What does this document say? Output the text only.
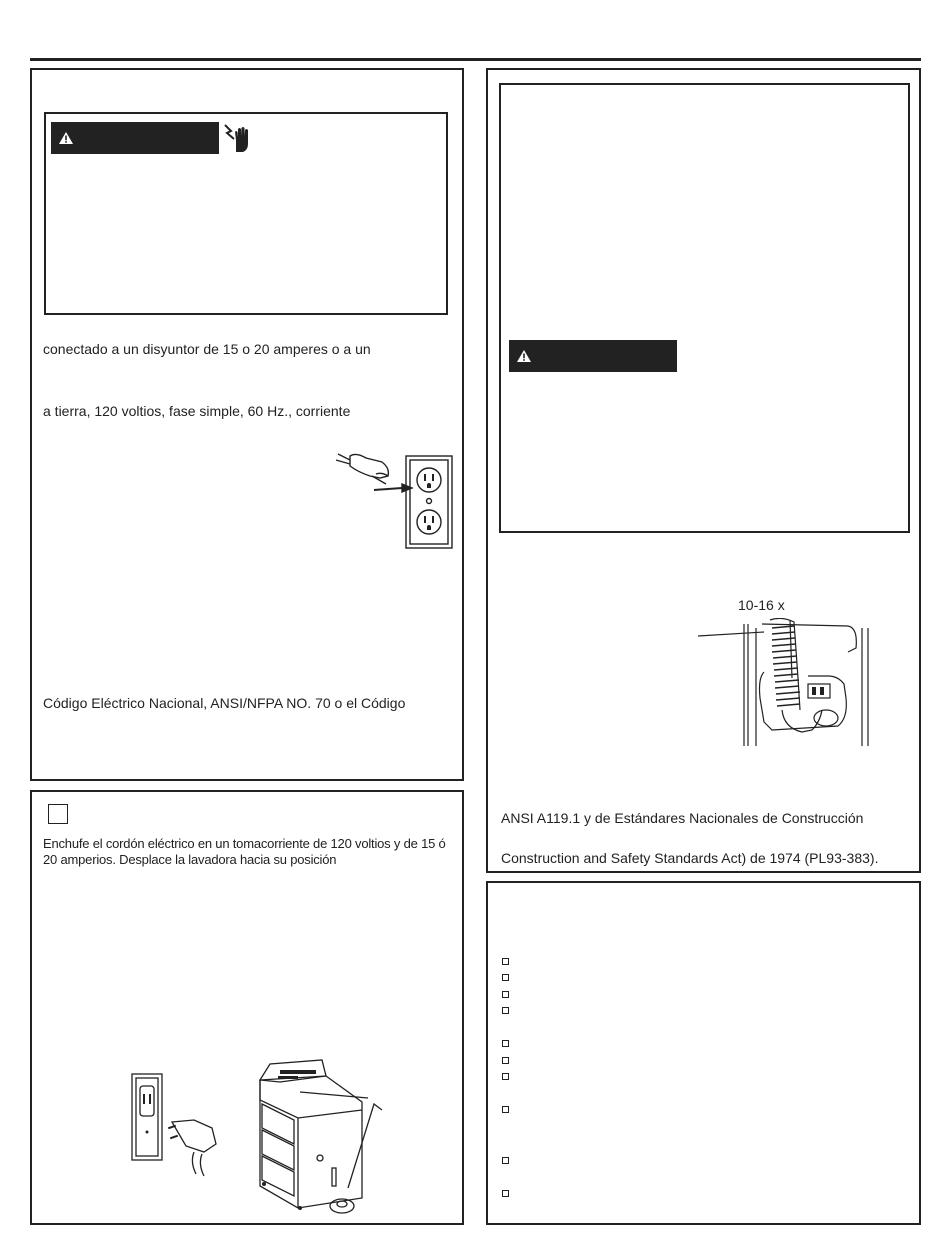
conectado a un disyuntor de 15 o 20 amperes o a un
a tierra, 120 voltios, fase simple, 60 Hz., corriente
Código Eléctrico Nacional, ANSI/NFPA NO. 70 o el Código
Enchufe el cordón eléctrico en un tomacorriente de 120 voltios y de 15 ó 20 amperios. Desplace la lavadora hacia su posición
10-16 x
ANSI A119.1 y de Estándares Nacionales de Construcción
Construction and Safety Standards Act) de 1974 (PL93-383).
